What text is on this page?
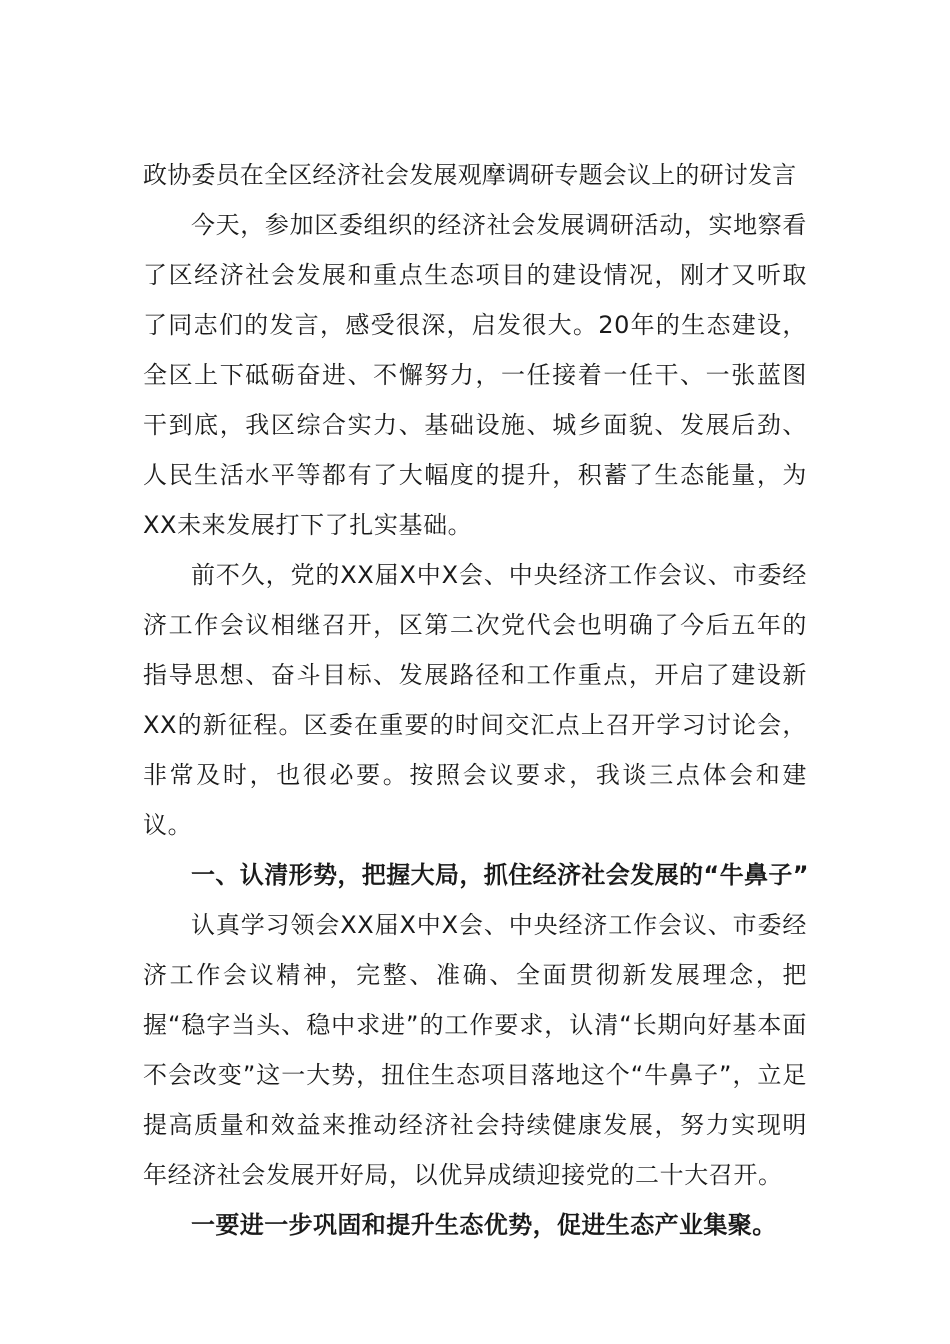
政协委员在全区经济社会发展观摩调研专题会议上的研讨发言

今天，参加区委组织的经济社会发展调研活动，实地察看了区经济社会发展和重点生态项目的建设情况，刚才又听取了同志们的发言，感受很深，启发很大。20年的生态建设，全区上下砥砺奋进、不懈努力，一任接着一任干、一张蓝图干到底，我区综合实力、基础设施、城乡面貌、发展后劲、人民生活水平等都有了大幅度的提升，积蓄了生态能量，为XX未来发展打下了扎实基础。

前不久，党的XX届X中X会、中央经济工作会议、市委经济工作会议相继召开，区第二次党代会也明确了今后五年的指导思想、奋斗目标、发展路径和工作重点，开启了建设新XX的新征程。区委在重要的时间交汇点上召开学习讨论会，非常及时，也很必要。按照会议要求，我谈三点体会和建议。

一、认清形势，把握大局，抓住经济社会发展的“牛鼻子”

认真学习领会XX届X中X会、中央经济工作会议、市委经济工作会议精神，完整、准确、全面贯彻新发展理念，把握“稳字当头、稳中求进”的工作要求，认清“长期向好基本面不会改变”这一大势，扭住生态项目落地这个“牛鼻子”，立足提高质量和效益来推动经济社会持续健康发展，努力实现明年经济社会发展开好局，以优异成绩迎接党的二十大召开。

一要进一步巩固和提升生态优势，促进生态产业集聚。
